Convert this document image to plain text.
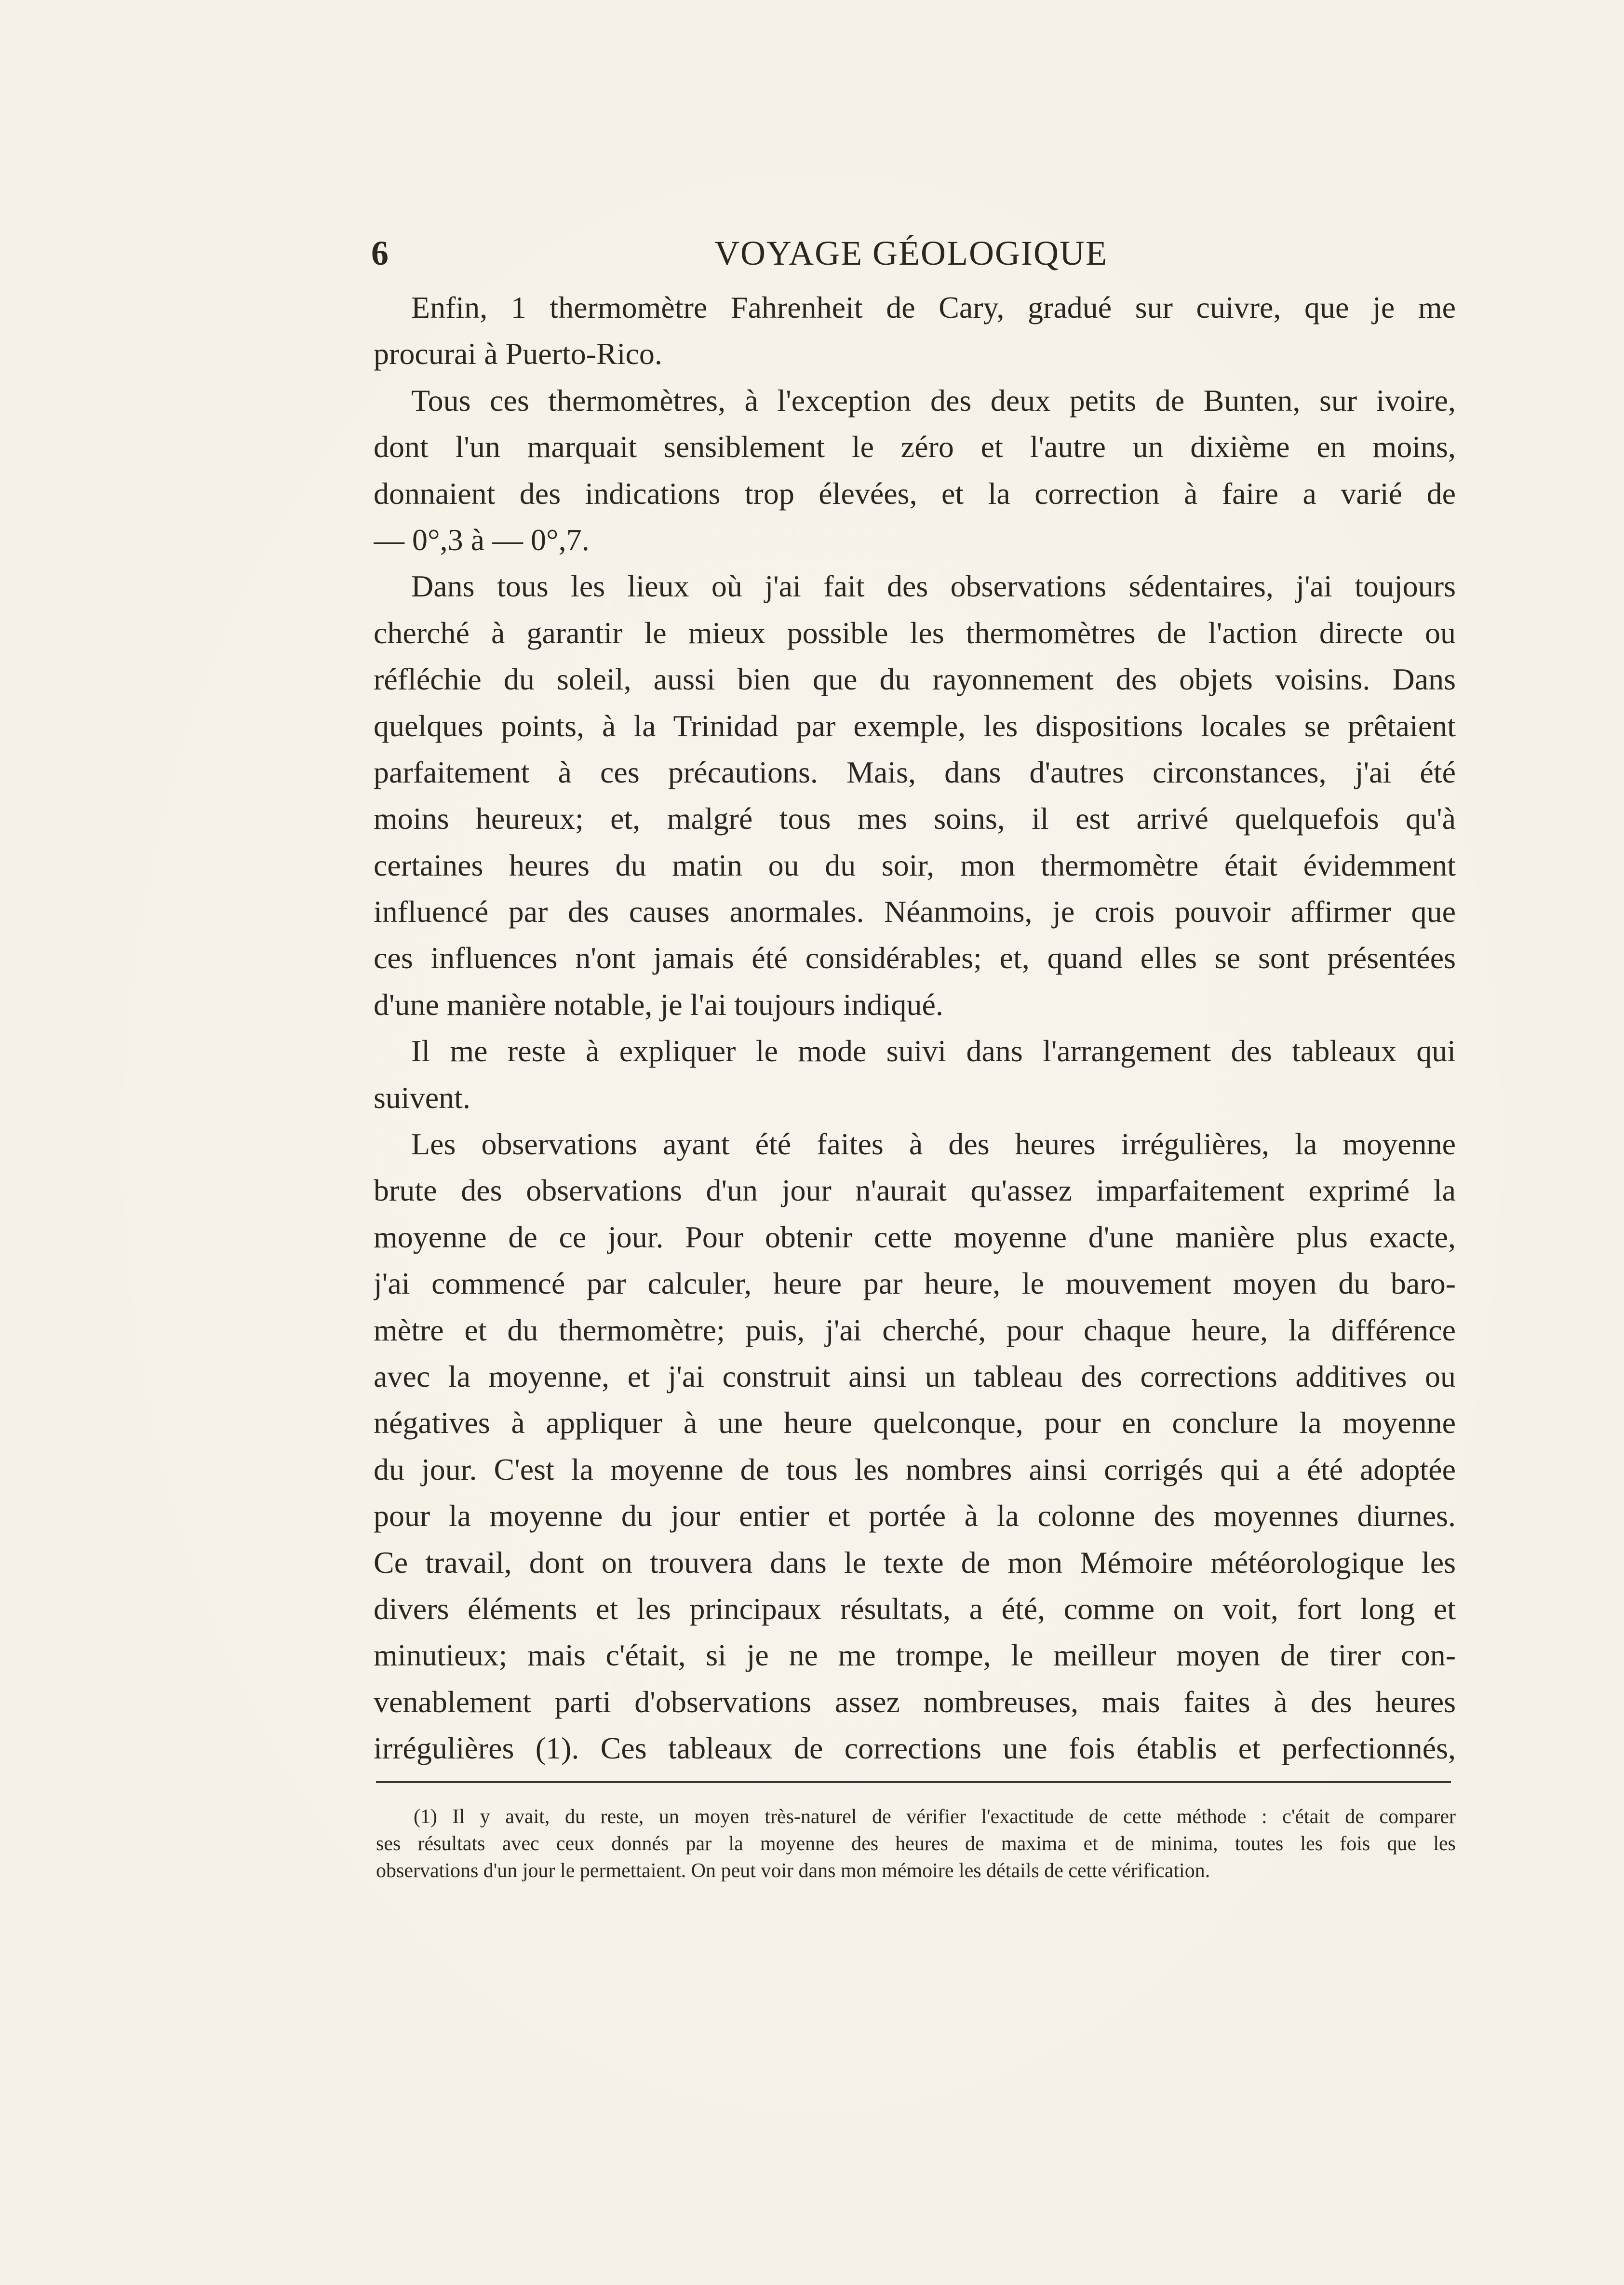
6	VOYAGE GÉOLOGIQUE
Enfin, 1 thermomètre Fahrenheit de Cary, gradué sur cuivre, que je me
procurai à Puerto-Rico.
Tous ces thermomètres, à l'exception des deux petits de Bunten, sur ivoire,
dont l'un marquait sensiblement le zéro et l'autre un dixième en moins,
donnaient des indications trop élevées, et la correction à faire a varié de
— 0°,3 à — 0°,7.
Dans tous les lieux où j'ai fait des observations sédentaires, j'ai toujours
cherché à garantir le mieux possible les thermomètres de l'action directe ou
réfléchie du soleil, aussi bien que du rayonnement des objets voisins. Dans
quelques points, à la Trinidad par exemple, les dispositions locales se prêtaient
parfaitement à ces précautions. Mais, dans d'autres circonstances, j'ai été
moins heureux; et, malgré tous mes soins, il est arrivé quelquefois qu'à
certaines heures du matin ou du soir, mon thermomètre était évidemment
influencé par des causes anormales. Néanmoins, je crois pouvoir affirmer que
ces influences n'ont jamais été considérables; et, quand elles se sont présentées
d'une manière notable, je l'ai toujours indiqué.
Il me reste à expliquer le mode suivi dans l'arrangement des tableaux qui
suivent.
Les observations ayant été faites à des heures irrégulières, la moyenne
brute des observations d'un jour n'aurait qu'assez imparfaitement exprimé la
moyenne de ce jour. Pour obtenir cette moyenne d'une manière plus exacte,
j'ai commencé par calculer, heure par heure, le mouvement moyen du baro-
mètre et du thermomètre; puis, j'ai cherché, pour chaque heure, la différence
avec la moyenne, et j'ai construit ainsi un tableau des corrections additives ou
négatives à appliquer à une heure quelconque, pour en conclure la moyenne
du jour. C'est la moyenne de tous les nombres ainsi corrigés qui a été adoptée
pour la moyenne du jour entier et portée à la colonne des moyennes diurnes.
Ce travail, dont on trouvera dans le texte de mon Mémoire météorologique les
divers éléments et les principaux résultats, a été, comme on voit, fort long et
minutieux; mais c'était, si je ne me trompe, le meilleur moyen de tirer con-
venablement parti d'observations assez nombreuses, mais faites à des heures
irrégulières (1). Ces tableaux de corrections une fois établis et perfectionnés,
(1) Il y avait, du reste, un moyen très-naturel de vérifier l'exactitude de cette méthode : c'était de comparer
ses résultats avec ceux donnés par la moyenne des heures de maxima et de minima, toutes les fois que les
observations d'un jour le permettaient. On peut voir dans mon mémoire les détails de cette vérification.
